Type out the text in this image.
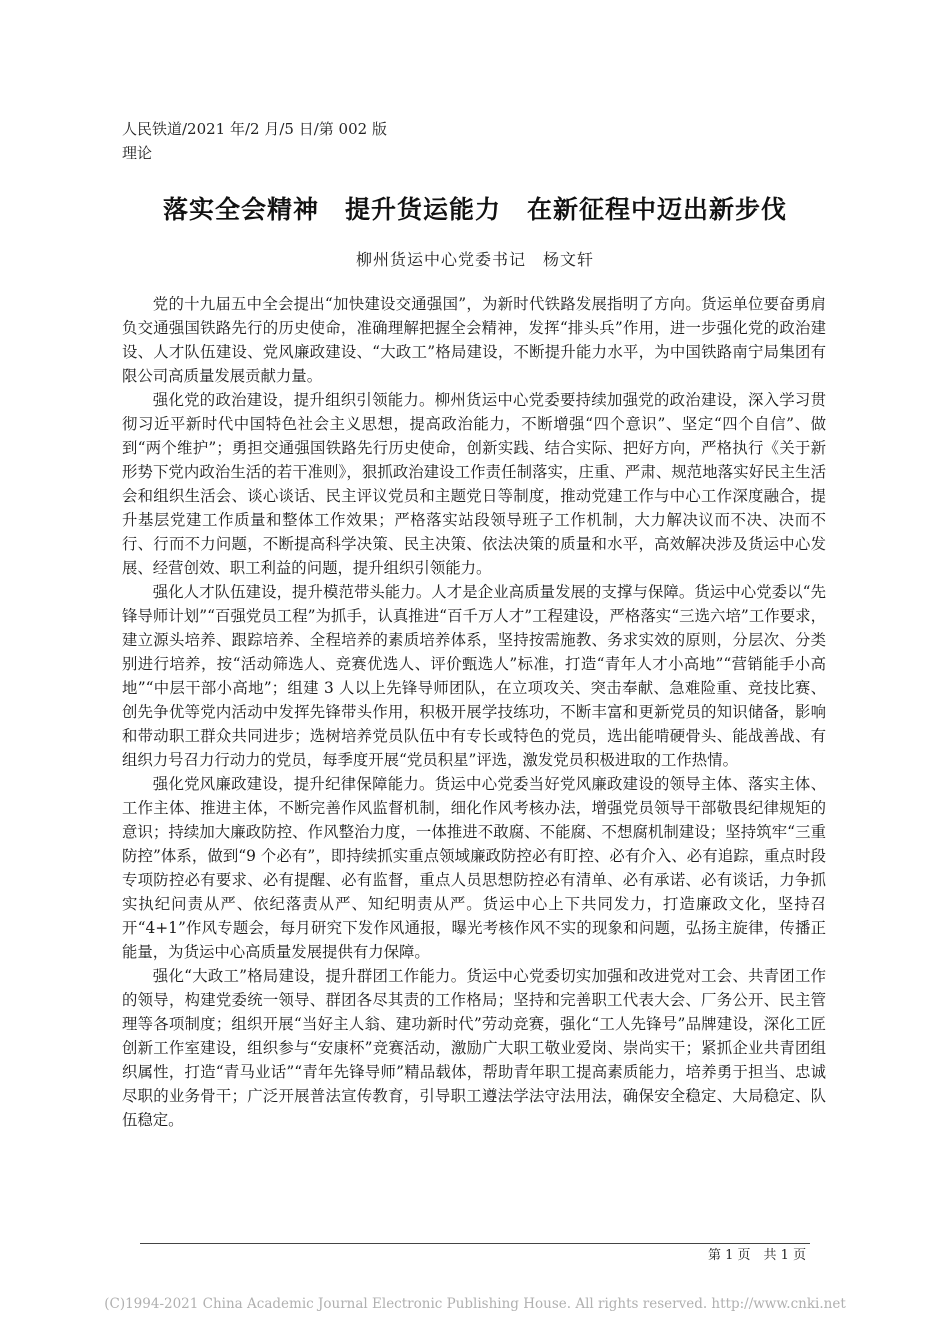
人民铁道/2021 年/2 月/5 日/第 002 版
理论
落实全会精神　提升货运能力　在新征程中迈出新步伐
柳州货运中心党委书记　杨文轩

党的十九届五中全会提出“加快建设交通强国”，为新时代铁路发展指明了方向。货运单位要奋勇肩负交通强国铁路先行的历史使命，准确理解把握全会精神，发挥“排头兵”作用，进一步强化党的政治建设、人才队伍建设、党风廉政建设、“大政工”格局建设，不断提升能力水平，为中国铁路南宁局集团有限公司高质量发展贡献力量。

强化党的政治建设，提升组织引领能力。柳州货运中心党委要持续加强党的政治建设，深入学习贯彻习近平新时代中国特色社会主义思想，提高政治能力，不断增强“四个意识”、坚定“四个自信”、做到“两个维护”；勇担交通强国铁路先行历史使命，创新实践、结合实际、把好方向，严格执行《关于新形势下党内政治生活的若干准则》，狠抓政治建设工作责任制落实，庄重、严肃、规范地落实好民主生活会和组织生活会、谈心谈话、民主评议党员和主题党日等制度，推动党建工作与中心工作深度融合，提升基层党建工作质量和整体工作效果；严格落实站段领导班子工作机制，大力解决议而不决、决而不行、行而不力问题，不断提高科学决策、民主决策、依法决策的质量和水平，高效解决涉及货运中心发展、经营创效、职工利益的问题，提升组织引领能力。

强化人才队伍建设，提升模范带头能力。人才是企业高质量发展的支撑与保障。货运中心党委以“先锋导师计划”“百强党员工程”为抓手，认真推进“百千万人才”工程建设，严格落实“三选六培”工作要求，建立源头培养、跟踪培养、全程培养的素质培养体系，坚持按需施教、务求实效的原则，分层次、分类别进行培养，按“活动筛选人、竞赛优选人、评价甄选人”标准，打造“青年人才小高地”“营销能手小高地”“中层干部小高地”；组建 3 人以上先锋导师团队，在立项攻关、突击奉献、急难险重、竞技比赛、创先争优等党内活动中发挥先锋带头作用，积极开展学技练功，不断丰富和更新党员的知识储备，影响和带动职工群众共同进步；选树培养党员队伍中有专长或特色的党员，选出能啃硬骨头、能战善战、有组织力号召力行动力的党员，每季度开展“党员积星”评选，激发党员积极进取的工作热情。

强化党风廉政建设，提升纪律保障能力。货运中心党委当好党风廉政建设的领导主体、落实主体、工作主体、推进主体，不断完善作风监督机制，细化作风考核办法，增强党员领导干部敬畏纪律规矩的意识；持续加大廉政防控、作风整治力度，一体推进不敢腐、不能腐、不想腐机制建设；坚持筑牢“三重防控”体系，做到“9 个必有”，即持续抓实重点领域廉政防控必有盯控、必有介入、必有追踪，重点时段专项防控必有要求、必有提醒、必有监督，重点人员思想防控必有清单、必有承诺、必有谈话，力争抓实执纪问责从严、依纪落责从严、知纪明责从严。货运中心上下共同发力，打造廉政文化，坚持召开“4+1”作风专题会，每月研究下发作风通报，曝光考核作风不实的现象和问题，弘扬主旋律，传播正能量，为货运中心高质量发展提供有力保障。

强化“大政工”格局建设，提升群团工作能力。货运中心党委切实加强和改进党对工会、共青团工作的领导，构建党委统一领导、群团各尽其责的工作格局；坚持和完善职工代表大会、厂务公开、民主管理等各项制度；组织开展“当好主人翁、建功新时代”劳动竞赛，强化“工人先锋号”品牌建设，深化工匠创新工作室建设，组织参与“安康杯”竞赛活动，激励广大职工敬业爱岗、崇尚实干；紧抓企业共青团组织属性，打造“青马业话”“青年先锋导师”精品载体，帮助青年职工提高素质能力，培养勇于担当、忠诚尽职的业务骨干；广泛开展普法宣传教育，引导职工遵法学法守法用法，确保安全稳定、大局稳定、队伍稳定。

第 1 页　共 1 页
(C)1994-2021 China Academic Journal Electronic Publishing House. All rights reserved. http://www.cnki.net
